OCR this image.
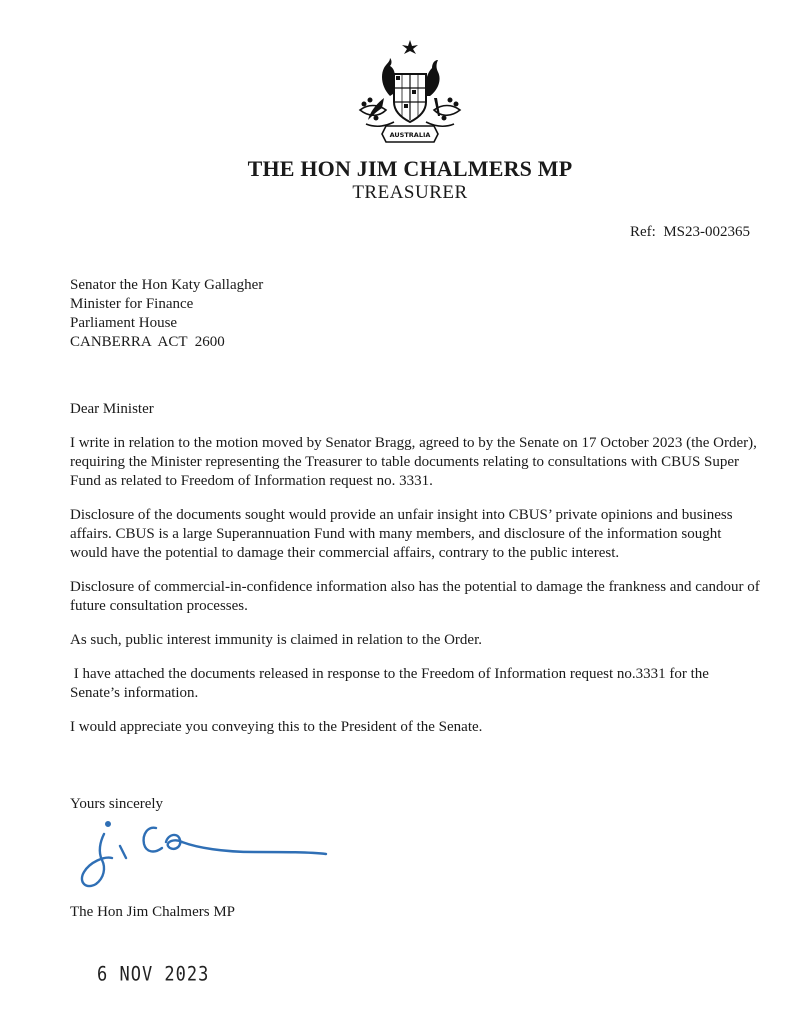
AUSTRALIA
THE HON JIM CHALMERS MP
TREASURER
Ref:  MS23-002365
Senator the Hon Katy Gallagher
Minister for Finance
Parliament House
CANBERRA  ACT  2600

Dear Minister

I write in relation to the motion moved by Senator Bragg, agreed to by the Senate on 17 October 2023 (the Order), requiring the Minister representing the Treasurer to table documents relating to consultations with CBUS Super Fund as related to Freedom of Information request no. 3331.

Disclosure of the documents sought would provide an unfair insight into CBUS’ private opinions and business affairs. CBUS is a large Superannuation Fund with many members, and disclosure of the information sought would have the potential to damage their commercial affairs, contrary to the public interest.

Disclosure of commercial-in-confidence information also has the potential to damage the frankness and candour of future consultation processes.

As such, public interest immunity is claimed in relation to the Order.

I have attached the documents released in response to the Freedom of Information request no.3331 for the Senate’s information.

I would appreciate you conveying this to the President of the Senate.

Yours sincerely
The Hon Jim Chalmers MP
6 NOV 2023
